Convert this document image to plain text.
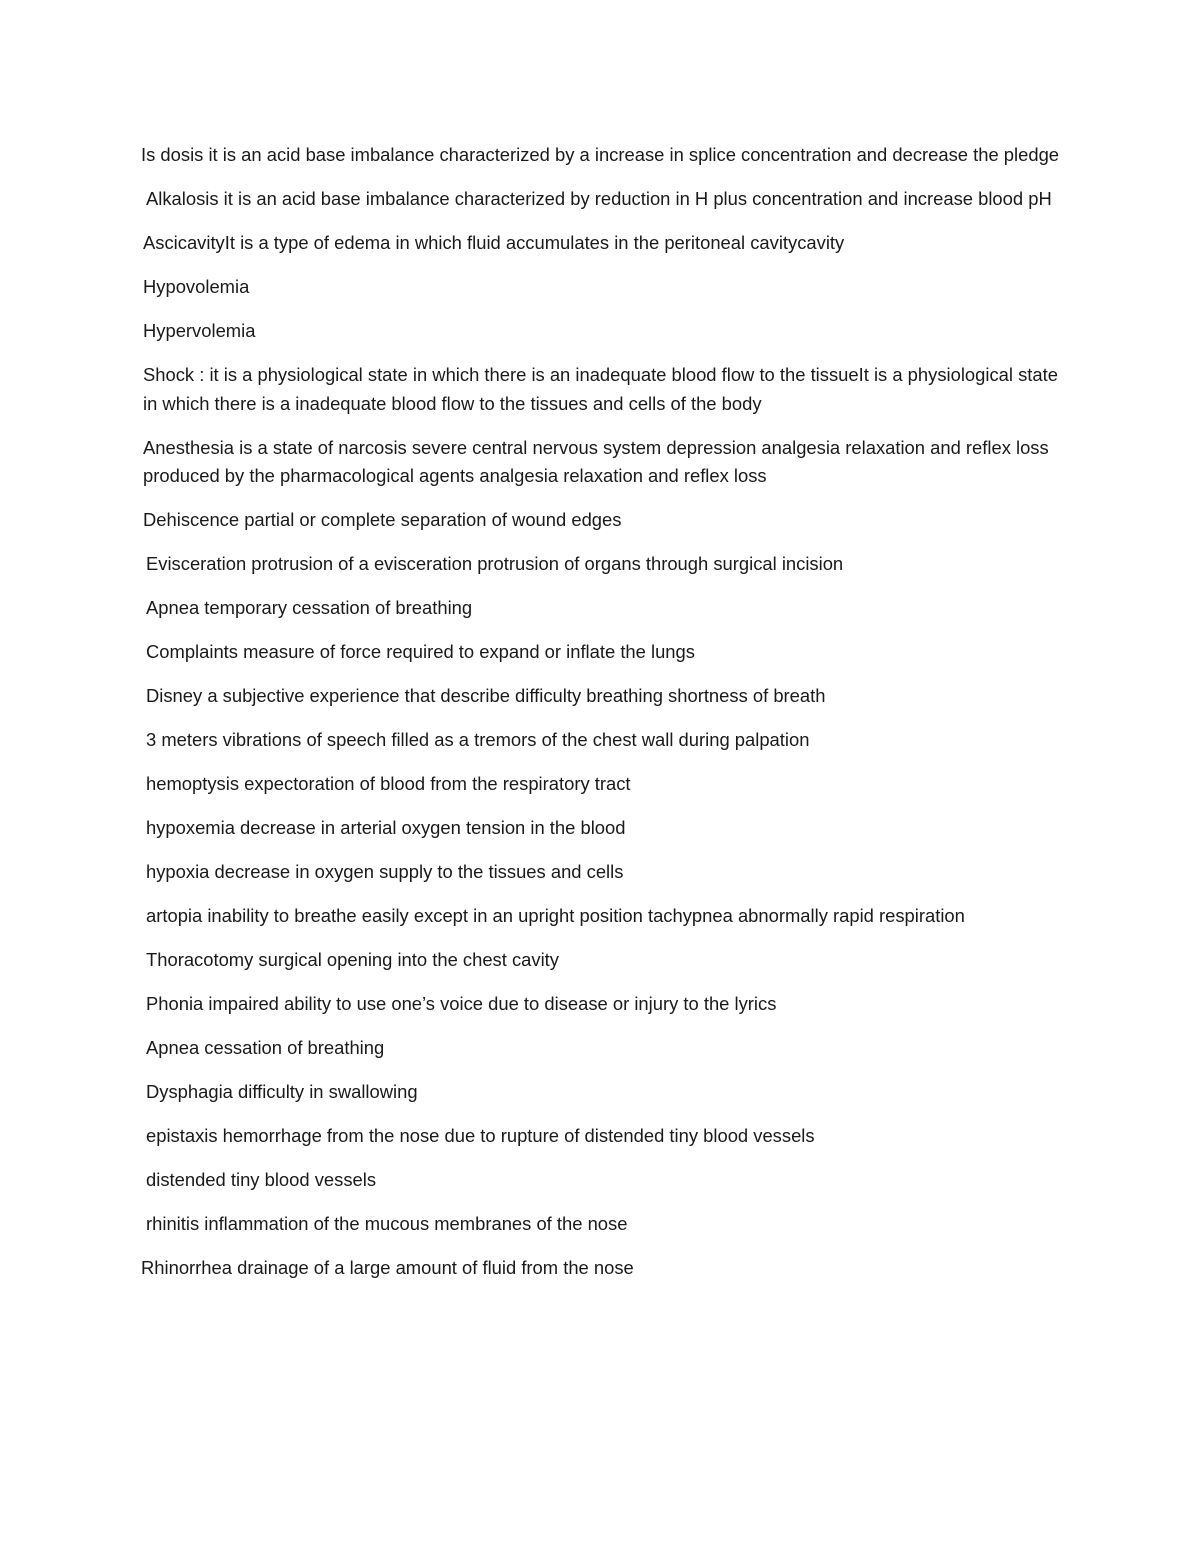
Is dosis it is an acid base imbalance characterized by a increase in splice concentration and decrease the pledge

Alkalosis it is an acid base imbalance characterized by reduction in H plus concentration and increase blood pH

AscicavityIt is a type of edema in which fluid accumulates in the peritoneal cavitycavity

Hypovolemia

Hypervolemia

Shock : it is a physiological state in which there is an inadequate blood flow to the tissueIt is a physiological state in which there is a inadequate blood flow to the tissues and cells of the body

Anesthesia is a state of narcosis severe central nervous system depression analgesia relaxation and reflex loss produced by the pharmacological agents analgesia relaxation and reflex loss

Dehiscence partial or complete separation of wound edges

Evisceration protrusion of a evisceration protrusion of organs through surgical incision

Apnea temporary cessation of breathing

Complaints measure of force required to expand or inflate the lungs

Disney a subjective experience that describe difficulty breathing shortness of breath

3 meters vibrations of speech filled as a tremors of the chest wall during palpation

hemoptysis expectoration of blood from the respiratory tract

hypoxemia decrease in arterial oxygen tension in the blood

hypoxia decrease in oxygen supply to the tissues and cells

artopia inability to breathe easily except in an upright position tachypnea abnormally rapid respiration

Thoracotomy surgical opening into the chest cavity

Phonia impaired ability to use one’s voice due to disease or injury to the lyrics

Apnea cessation of breathing

Dysphagia difficulty in swallowing

epistaxis hemorrhage from the nose due to rupture of distended tiny blood vessels

distended tiny blood vessels

rhinitis inflammation of the mucous membranes of the nose

Rhinorrhea drainage of a large amount of fluid from the nose
